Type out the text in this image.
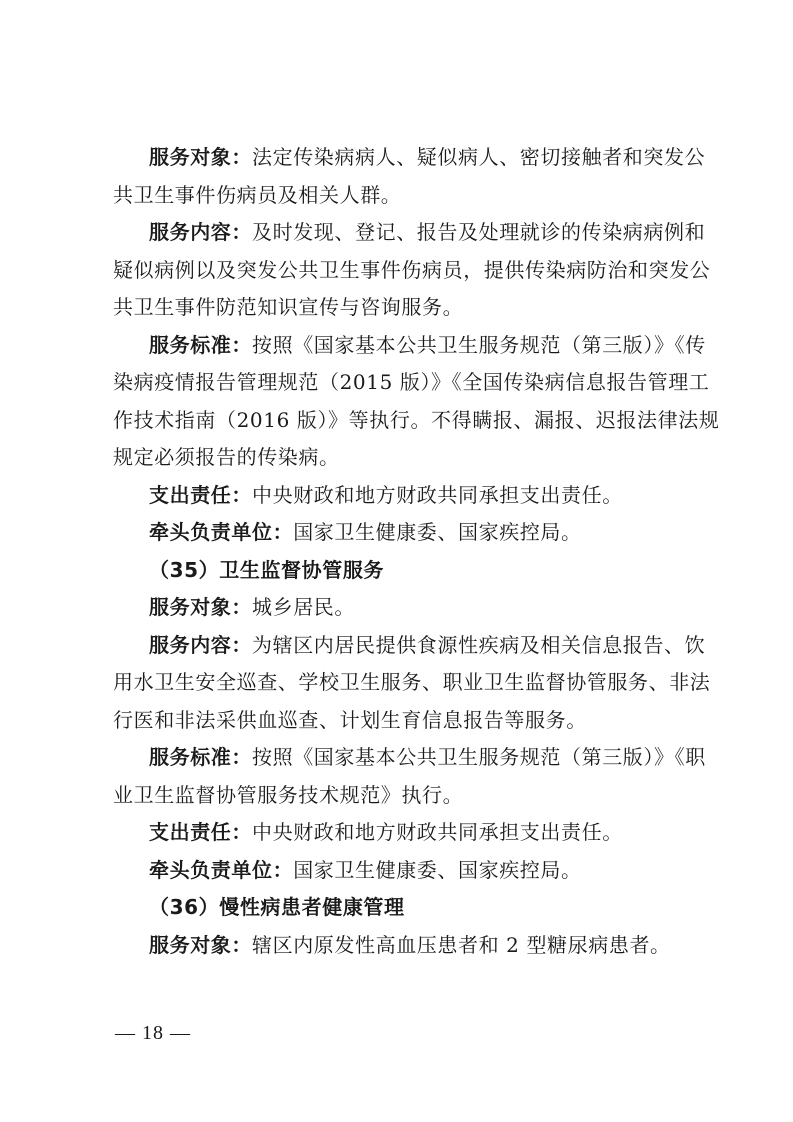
服务对象：法定传染病病人、疑似病人、密切接触者和突发公
共卫生事件伤病员及相关人群。
服务内容：及时发现、登记、报告及处理就诊的传染病病例和
疑似病例以及突发公共卫生事件伤病员，提供传染病防治和突发公
共卫生事件防范知识宣传与咨询服务。
服务标准：按照《国家基本公共卫生服务规范（第三版）》《传
染病疫情报告管理规范（2015 版）》《全国传染病信息报告管理工
作技术指南（2016 版）》等执行。不得瞒报、漏报、迟报法律法规
规定必须报告的传染病。
支出责任：中央财政和地方财政共同承担支出责任。
牵头负责单位：国家卫生健康委、国家疾控局。
（35）卫生监督协管服务
服务对象：城乡居民。
服务内容：为辖区内居民提供食源性疾病及相关信息报告、饮
用水卫生安全巡查、学校卫生服务、职业卫生监督协管服务、非法
行医和非法采供血巡查、计划生育信息报告等服务。
服务标准：按照《国家基本公共卫生服务规范（第三版）》《职
业卫生监督协管服务技术规范》执行。
支出责任：中央财政和地方财政共同承担支出责任。
牵头负责单位：国家卫生健康委、国家疾控局。
（36）慢性病患者健康管理
服务对象：辖区内原发性高血压患者和 2 型糖尿病患者。
— 18 —
